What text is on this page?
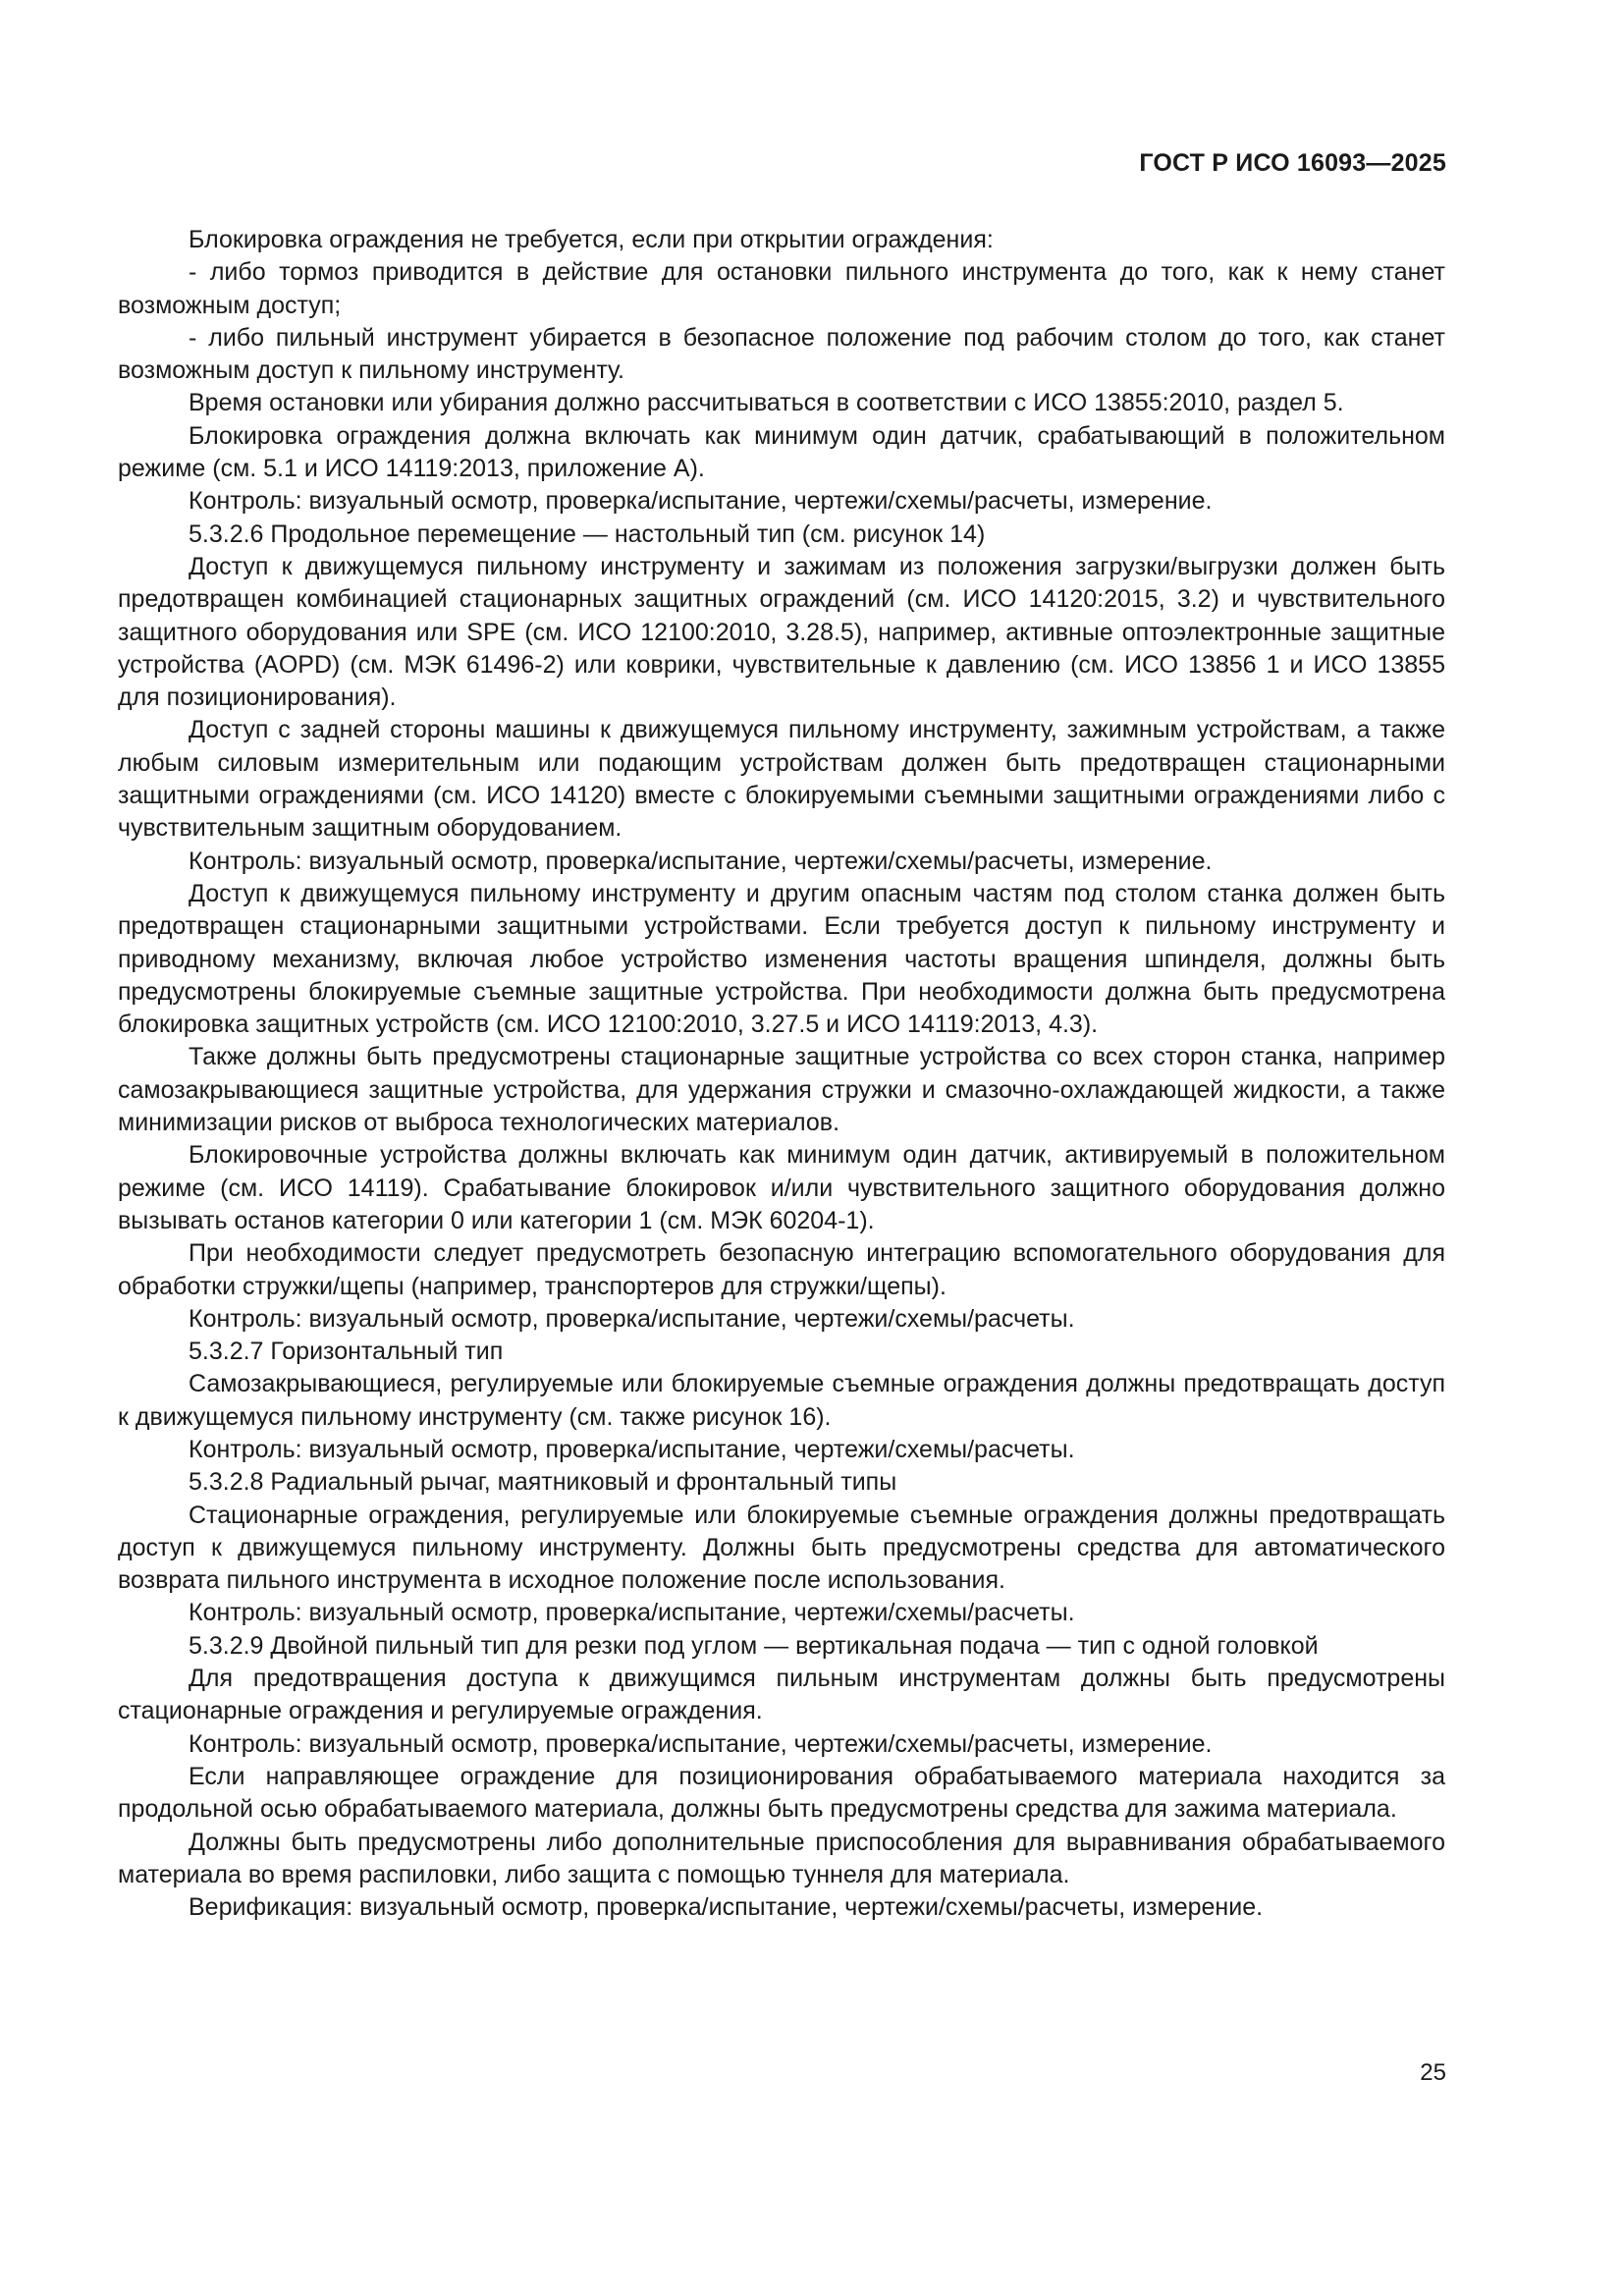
ГОСТ Р ИСО 16093—2025

Блокировка ограждения не требуется, если при открытии ограждения:

- либо тормоз приводится в действие для остановки пильного инструмента до того, как к нему станет возможным доступ;

- либо пильный инструмент убирается в безопасное положение под рабочим столом до того, как станет возможным доступ к пильному инструменту.

Время остановки или убирания должно рассчитываться в соответствии с ИСО 13855:2010, раздел 5.

Блокировка ограждения должна включать как минимум один датчик, срабатывающий в положительном режиме (см. 5.1 и ИСО 14119:2013, приложение А).

Контроль: визуальный осмотр, проверка/испытание, чертежи/схемы/расчеты, измерение.

5.3.2.6 Продольное перемещение — настольный тип (см. рисунок 14)

Доступ к движущемуся пильному инструменту и зажимам из положения загрузки/выгрузки должен быть предотвращен комбинацией стационарных защитных ограждений (см. ИСО 14120:2015, 3.2) и чувствительного защитного оборудования или SPE (см. ИСО 12100:2010, 3.28.5), например, активные оптоэлектронные защитные устройства (AOPD) (см. МЭК 61496-2) или коврики, чувствительные к давлению (см. ИСО 13856 1 и ИСО 13855 для позиционирования).

Доступ с задней стороны машины к движущемуся пильному инструменту, зажимным устройствам, а также любым силовым измерительным или подающим устройствам должен быть предотвращен стационарными защитными ограждениями (см. ИСО 14120) вместе с блокируемыми съемными защитными ограждениями либо с чувствительным защитным оборудованием.

Контроль: визуальный осмотр, проверка/испытание, чертежи/схемы/расчеты, измерение.

Доступ к движущемуся пильному инструменту и другим опасным частям под столом станка должен быть предотвращен стационарными защитными устройствами. Если требуется доступ к пильному инструменту и приводному механизму, включая любое устройство изменения частоты вращения шпинделя, должны быть предусмотрены блокируемые съемные защитные устройства. При необходимости должна быть предусмотрена блокировка защитных устройств (см. ИСО 12100:2010, 3.27.5 и ИСО 14119:2013, 4.3).

Также должны быть предусмотрены стационарные защитные устройства со всех сторон станка, например самозакрывающиеся защитные устройства, для удержания стружки и смазочно-охлаждающей жидкости, а также минимизации рисков от выброса технологических материалов.

Блокировочные устройства должны включать как минимум один датчик, активируемый в положительном режиме (см. ИСО 14119). Срабатывание блокировок и/или чувствительного защитного оборудования должно вызывать останов категории 0 или категории 1 (см. МЭК 60204-1).

При необходимости следует предусмотреть безопасную интеграцию вспомогательного оборудования для обработки стружки/щепы (например, транспортеров для стружки/щепы).

Контроль: визуальный осмотр, проверка/испытание, чертежи/схемы/расчеты.

5.3.2.7 Горизонтальный тип

Самозакрывающиеся, регулируемые или блокируемые съемные ограждения должны предотвращать доступ к движущемуся пильному инструменту (см. также рисунок 16).

Контроль: визуальный осмотр, проверка/испытание, чертежи/схемы/расчеты.

5.3.2.8 Радиальный рычаг, маятниковый и фронтальный типы

Стационарные ограждения, регулируемые или блокируемые съемные ограждения должны предотвращать доступ к движущемуся пильному инструменту. Должны быть предусмотрены средства для автоматического возврата пильного инструмента в исходное положение после использования.

Контроль: визуальный осмотр, проверка/испытание, чертежи/схемы/расчеты.

5.3.2.9 Двойной пильный тип для резки под углом — вертикальная подача — тип с одной головкой

Для предотвращения доступа к движущимся пильным инструментам должны быть предусмотрены стационарные ограждения и регулируемые ограждения.

Контроль: визуальный осмотр, проверка/испытание, чертежи/схемы/расчеты, измерение.

Если направляющее ограждение для позиционирования обрабатываемого материала находится за продольной осью обрабатываемого материала, должны быть предусмотрены средства для зажима материала.

Должны быть предусмотрены либо дополнительные приспособления для выравнивания обрабатываемого материала во время распиловки, либо защита с помощью туннеля для материала.

Верификация: визуальный осмотр, проверка/испытание, чертежи/схемы/расчеты, измерение.

25
